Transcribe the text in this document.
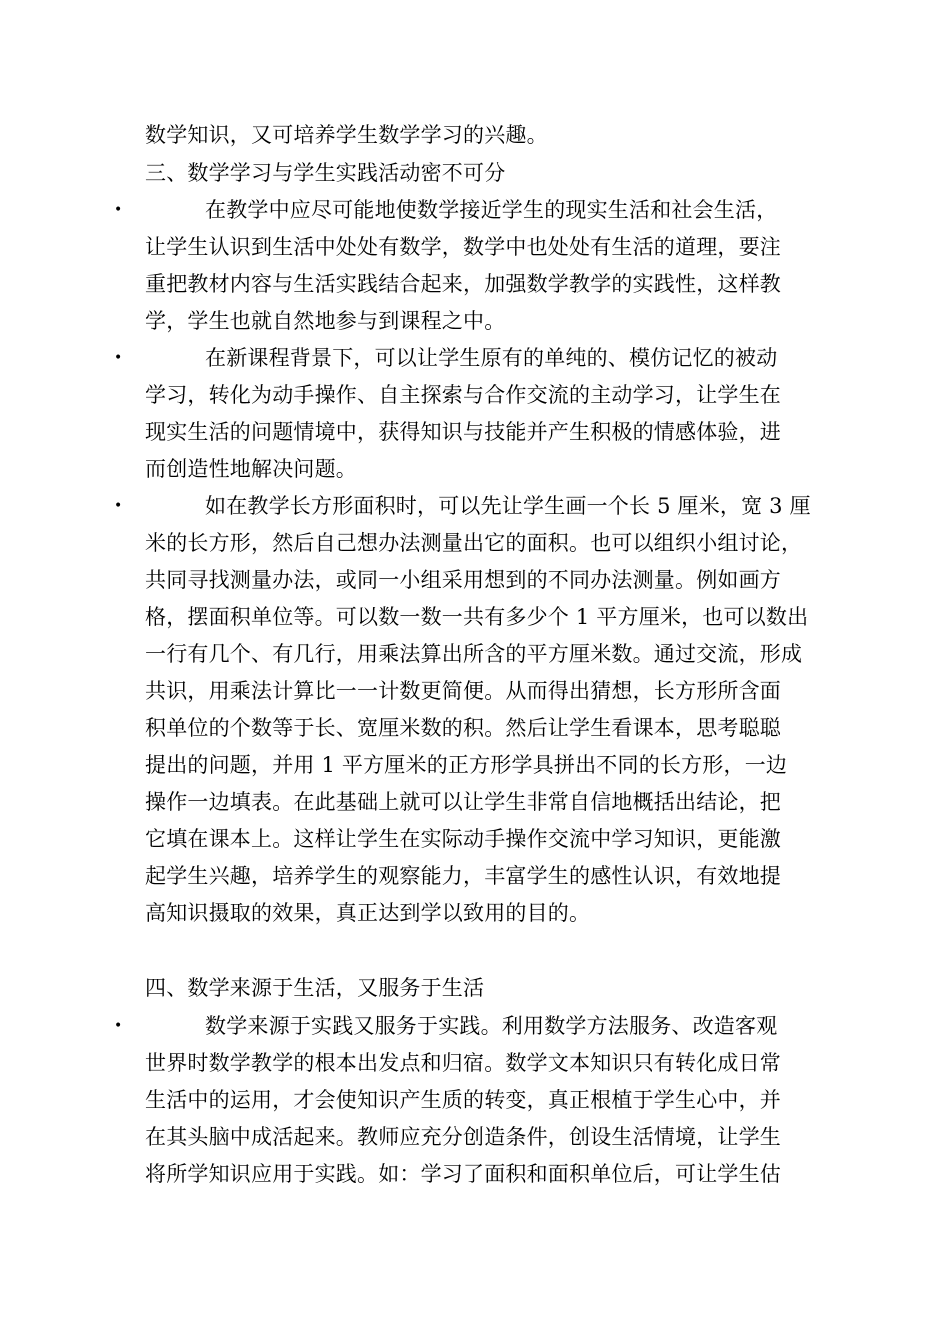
数学知识，又可培养学生数学学习的兴趣。
三、数学学习与学生实践活动密不可分
•	在教学中应尽可能地使数学接近学生的现实生活和社会生活，
让学生认识到生活中处处有数学，数学中也处处有生活的道理，要注
重把教材内容与生活实践结合起来，加强数学教学的实践性，这样教
学，学生也就自然地参与到课程之中。
•	在新课程背景下，可以让学生原有的单纯的、模仿记忆的被动
学习，转化为动手操作、自主探索与合作交流的主动学习，让学生在
现实生活的问题情境中，获得知识与技能并产生积极的情感体验，进
而创造性地解决问题。
•	如在教学长方形面积时，可以先让学生画一个长 5 厘米，宽 3 厘
米的长方形，然后自己想办法测量出它的面积。也可以组织小组讨论，
共同寻找测量办法，或同一小组采用想到的不同办法测量。例如画方
格，摆面积单位等。可以数一数一共有多少个 1 平方厘米，也可以数出
一行有几个、有几行，用乘法算出所含的平方厘米数。通过交流，形成
共识，用乘法计算比一一计数更简便。从而得出猜想，长方形所含面
积单位的个数等于长、宽厘米数的积。然后让学生看课本，思考聪聪
提出的问题，并用 1 平方厘米的正方形学具拼出不同的长方形，一边
操作一边填表。在此基础上就可以让学生非常自信地概括出结论，把
它填在课本上。这样让学生在实际动手操作交流中学习知识，更能激
起学生兴趣，培养学生的观察能力，丰富学生的感性认识，有效地提
高知识摄取的效果，真正达到学以致用的目的。
四、数学来源于生活，又服务于生活
•	数学来源于实践又服务于实践。利用数学方法服务、改造客观
世界时数学教学的根本出发点和归宿。数学文本知识只有转化成日常
生活中的运用，才会使知识产生质的转变，真正根植于学生心中，并
在其头脑中成活起来。教师应充分创造条件，创设生活情境，让学生
将所学知识应用于实践。如：学习了面积和面积单位后，可让学生估
